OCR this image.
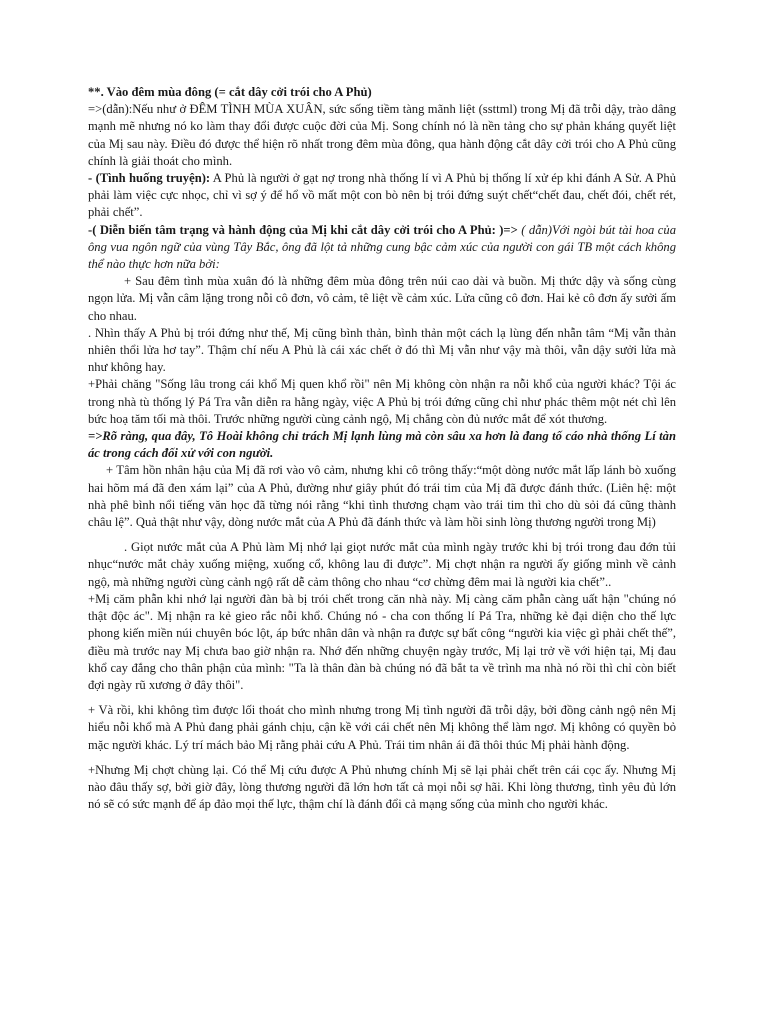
**. Vào đêm mùa đông (= cắt dây cởi trói cho A Phủ)

=>(dẫn):Nếu như ở ĐÊM TÌNH MÙA XUÂN, sức sống tiềm tàng mãnh liệt (ssttml) trong Mị đã trỗi dậy, trào dâng mạnh mẽ nhưng nó ko làm thay đổi được cuộc đời của Mị. Song chính nó là nền tảng cho sự phản kháng quyết liệt của Mị sau này. Điều đó được thể hiện rõ nhất trong đêm mùa đông, qua hành động cắt dây cởi trói cho A Phủ cũng chính là giải thoát cho mình.

- (Tình huống truyện): A Phủ là người ở gạt nợ trong nhà thống lí vì A Phủ bị thống lí xử ép khi đánh A Sử. A Phủ phải làm việc cực nhọc, chỉ vì sợ ý để hổ vồ mất một con bò nên bị trói đứng suýt chết“chết đau, chết đói, chết rét, phải chết”.

-( Diễn biến tâm trạng và hành động của Mị khi cắt dây cởi trói cho A Phủ: )=> ( dẫn)Với ngòi bút tài hoa của ông vua ngôn ngữ của vùng Tây Bắc, ông đã lột tả những cung bậc cảm xúc của người con gái TB một cách không thể nào thực hơn nữa bởi:

+ Sau đêm tình mùa xuân đó là những đêm mùa đông trên núi cao dài và buồn. Mị thức dậy và sống cùng ngọn lửa. Mị vẫn câm lặng trong nỗi cô đơn, vô cảm, tê liệt về cảm xúc. Lửa cũng cô đơn. Hai kẻ cô đơn ấy sưởi ấm cho nhau.

. Nhìn thấy A Phủ bị trói đứng như thế, Mị cũng bình thản, bình thản một cách lạ lùng đến nhẫn tâm “Mị vẫn thản nhiên thổi lửa hơ tay”. Thậm chí nếu A Phủ là cái xác chết ở đó thì Mị vẫn như vậy mà thôi, vẫn dậy sưởi lửa mà như không hay.

+Phải chăng "Sống lâu trong cái khổ Mị quen khổ rồi" nên Mị không còn nhận ra nỗi khổ của người khác? Tội ác trong nhà tù thống lý Pá Tra vẫn diễn ra hằng ngày, việc A Phủ bị trói đứng cũng chỉ như phác thêm một nét chì lên bức hoạ tăm tối mà thôi. Trước những người cùng cảnh ngộ, Mị chẳng còn đủ nước mắt để xót thương.

=>Rõ ràng, qua đây, Tô Hoài không chỉ trách Mị lạnh lùng mà còn sâu xa hơn là đang tố cáo nhà thống Lí tàn ác trong cách đối xử với con người.

+ Tâm hồn nhân hậu của Mị đã rơi vào vô cảm, nhưng khi cô trông thấy:“một dòng nước mắt lấp lánh bò xuống hai hõm má đã đen xám lại” của A Phủ, đường như giây phút đó trái tim của Mị đã được đánh thức. (Liên hệ: một nhà phê bình nổi tiếng văn học đã từng nói rằng “khi tình thương chạm vào trái tim thì cho dù sỏi đá cũng thành châu lệ”. Quả thật như vậy, dòng nước mắt của A Phủ đã đánh thức và làm hồi sinh lòng thương người trong Mị)

. Giọt nước mắt của A Phủ làm Mị nhớ lại giọt nước mắt của mình ngày trước khi bị trói trong đau đớn tủi nhục“nước mắt chảy xuống miệng, xuống cổ, không lau đi được”. Mị chợt nhận ra người ấy giống mình về cảnh ngộ, mà những người cùng cảnh ngộ rất dễ cảm thông cho nhau “cơ chừng đêm mai là người kia chết”..

+Mị căm phẫn khi nhớ lại người đàn bà bị trói chết trong căn nhà này. Mị càng căm phẫn càng uất hận "chúng nó thật độc ác". Mị nhận ra kẻ gieo rắc nỗi khổ. Chúng nó - cha con thống lí Pá Tra, những kẻ đại diện cho thế lực phong kiến miền núi chuyên bóc lột, áp bức nhân dân và nhận ra được sự bất công “người kia việc gì phải chết thế”, điều mà trước nay Mị chưa bao giờ nhận ra. Nhớ đến những chuyện ngày trước, Mị lại trở về với hiện tại, Mị đau khổ cay đắng cho thân phận của mình: "Ta là thân đàn bà chúng nó đã bắt ta về trình ma nhà nó rồi thì chỉ còn biết đợi ngày rũ xương ở đây thôi".

+ Và rồi, khi không tìm được lối thoát cho mình nhưng trong Mị tình người đã trỗi dậy, bởi đồng cảnh ngộ nên Mị hiểu nỗi khổ mà A Phủ đang phải gánh chịu, cận kề với cái chết nên Mị không thể làm ngơ. Mị không có quyền bỏ mặc người khác. Lý trí mách bảo Mị rằng phải cứu A Phủ. Trái tim nhân ái đã thôi thúc Mị phải hành động.

+Nhưng Mị chợt chùng lại. Có thể Mị cứu được A Phủ nhưng chính Mị sẽ lại phải chết trên cái cọc ấy. Nhưng Mị nào đâu thấy sợ, bởi giờ đây, lòng thương người đã lớn hơn tất cả mọi nỗi sợ hãi. Khi lòng thương, tình yêu đủ lớn nó sẽ có sức mạnh để áp đảo mọi thế lực, thậm chí là đánh đổi cả mạng sống của mình cho người khác.
